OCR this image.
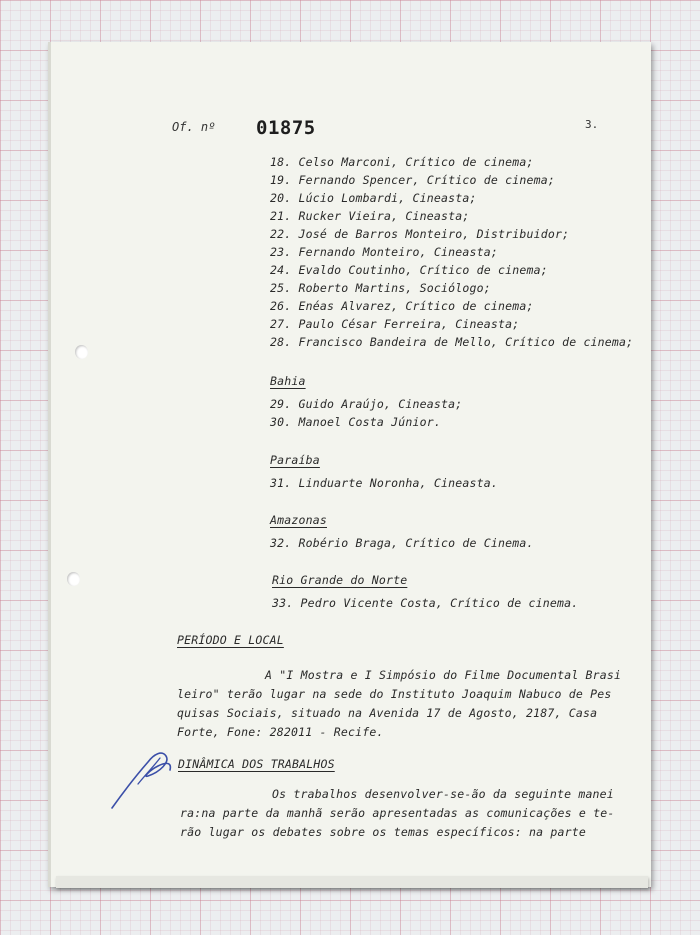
Of. nº 01875	3.
18. Celso Marconi, Crítico de cinema;
19. Fernando Spencer, Crítico de cinema;
20. Lúcio Lombardi, Cineasta;
21. Rucker Vieira, Cineasta;
22. José de Barros Monteiro, Distribuidor;
23. Fernando Monteiro, Cineasta;
24. Evaldo Coutinho, Crítico de cinema;
25. Roberto Martins, Sociólogo;
26. Enéas Alvarez, Crítico de cinema;
27. Paulo César Ferreira, Cineasta;
28. Francisco Bandeira de Mello, Crítico de cinema;
Bahia
29. Guido Araújo, Cineasta;
30. Manoel Costa Júnior.
Paraíba
31. Linduarte Noronha, Cineasta.
Amazonas
32. Robério Braga, Crítico de Cinema.
Rio Grande do Norte
33. Pedro Vicente Costa, Crítico de cinema.
PERÍODO E LOCAL
A "I Mostra e I Simpósio do Filme Documental Brasi
leiro" terão lugar na sede do Instituto Joaquim Nabuco de Pes
quisas Sociais, situado na Avenida 17 de Agosto, 2187, Casa
Forte, Fone: 282011 - Recife.
DINÂMICA DOS TRABALHOS
Os trabalhos desenvolver-se-ão da seguinte manei
ra:na parte da manhã serão apresentadas as comunicações e te-
rão lugar os debates sobre os temas específicos: na parte
